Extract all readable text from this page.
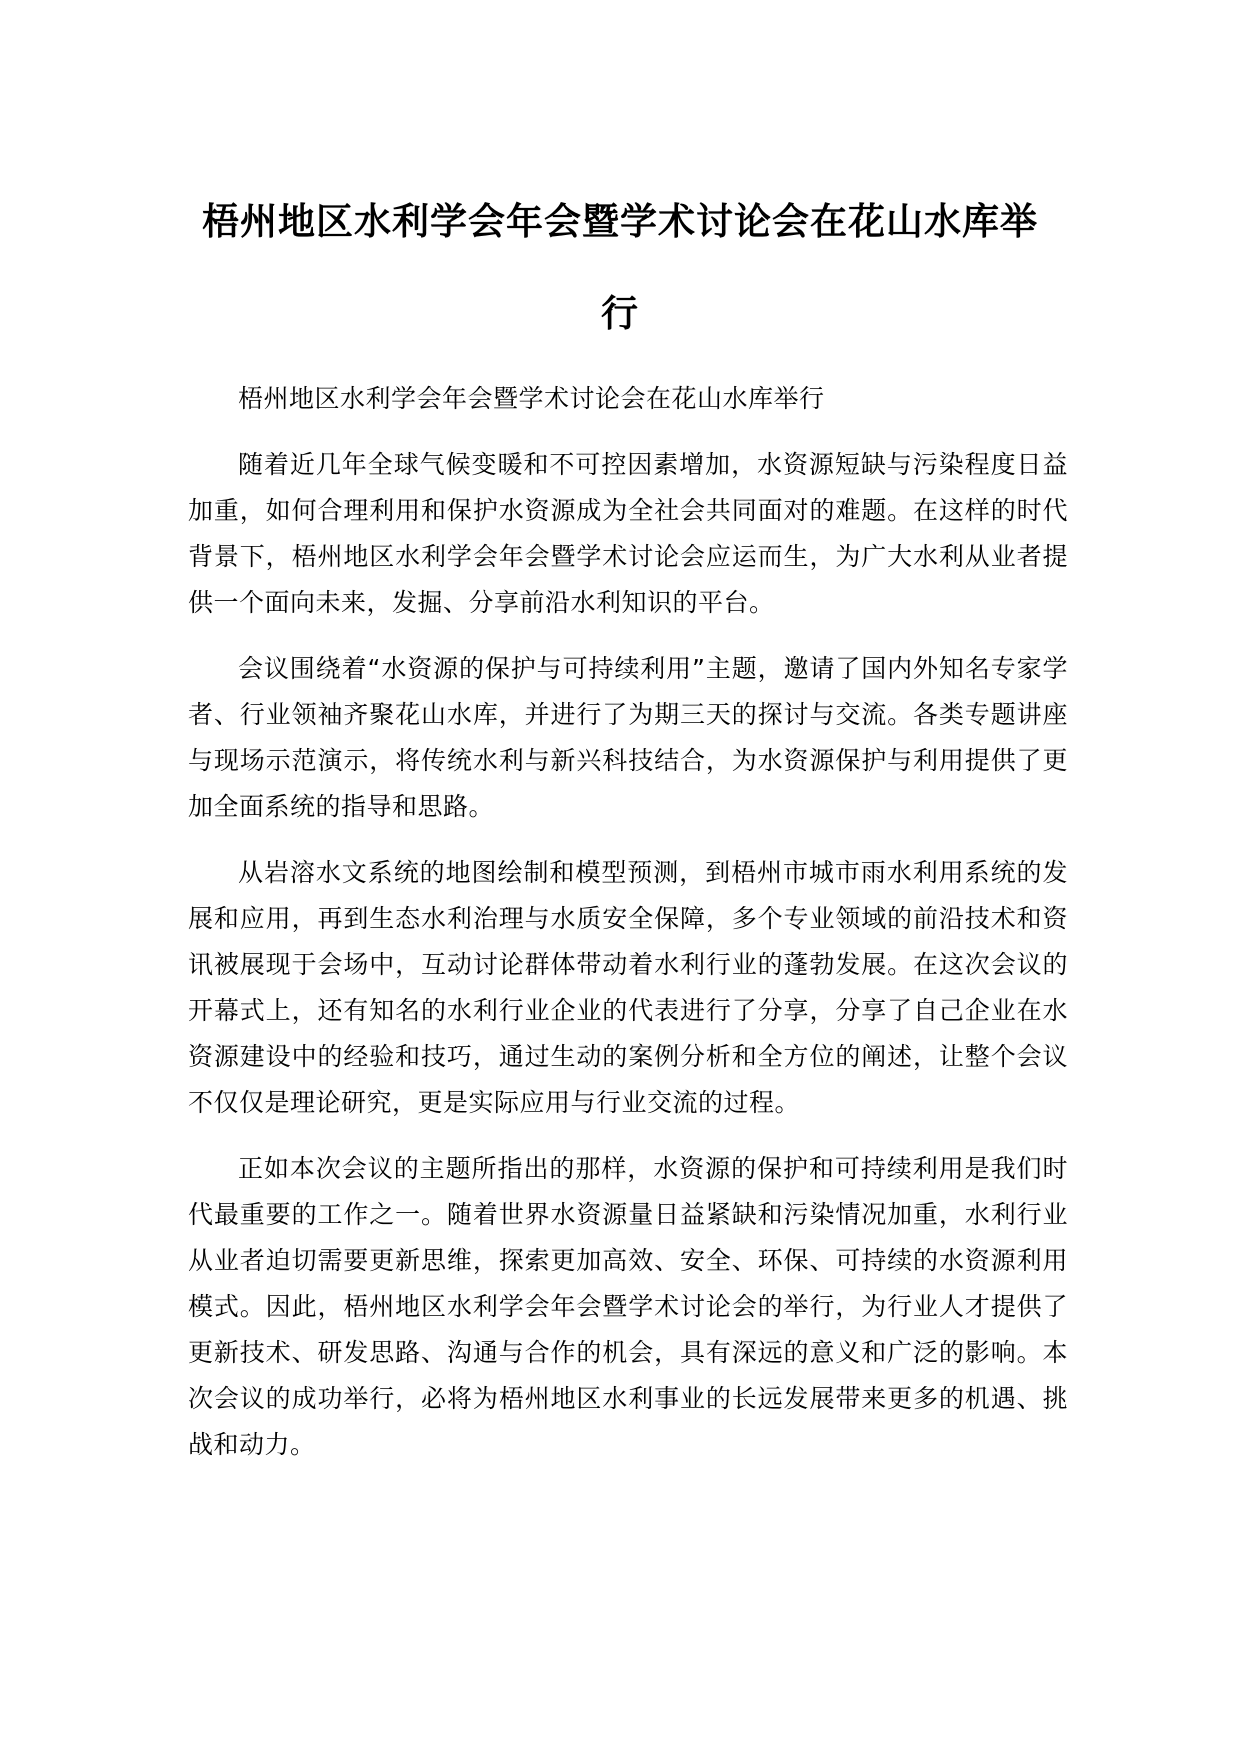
梧州地区水利学会年会暨学术讨论会在花山水库举行

梧州地区水利学会年会暨学术讨论会在花山水库举行

随着近几年全球气候变暖和不可控因素增加，水资源短缺与污染程度日益加重，如何合理利用和保护水资源成为全社会共同面对的难题。在这样的时代背景下，梧州地区水利学会年会暨学术讨论会应运而生，为广大水利从业者提供一个面向未来，发掘、分享前沿水利知识的平台。

会议围绕着“水资源的保护与可持续利用”主题，邀请了国内外知名专家学者、行业领袖齐聚花山水库，并进行了为期三天的探讨与交流。各类专题讲座与现场示范演示，将传统水利与新兴科技结合，为水资源保护与利用提供了更加全面系统的指导和思路。

从岩溶水文系统的地图绘制和模型预测，到梧州市城市雨水利用系统的发展和应用，再到生态水利治理与水质安全保障，多个专业领域的前沿技术和资讯被展现于会场中，互动讨论群体带动着水利行业的蓬勃发展。在这次会议的开幕式上，还有知名的水利行业企业的代表进行了分享，分享了自己企业在水资源建设中的经验和技巧，通过生动的案例分析和全方位的阐述，让整个会议不仅仅是理论研究，更是实际应用与行业交流的过程。

正如本次会议的主题所指出的那样，水资源的保护和可持续利用是我们时代最重要的工作之一。随着世界水资源量日益紧缺和污染情况加重，水利行业从业者迫切需要更新思维，探索更加高效、安全、环保、可持续的水资源利用模式。因此，梧州地区水利学会年会暨学术讨论会的举行，为行业人才提供了更新技术、研发思路、沟通与合作的机会，具有深远的意义和广泛的影响。本次会议的成功举行，必将为梧州地区水利事业的长远发展带来更多的机遇、挑战和动力。
